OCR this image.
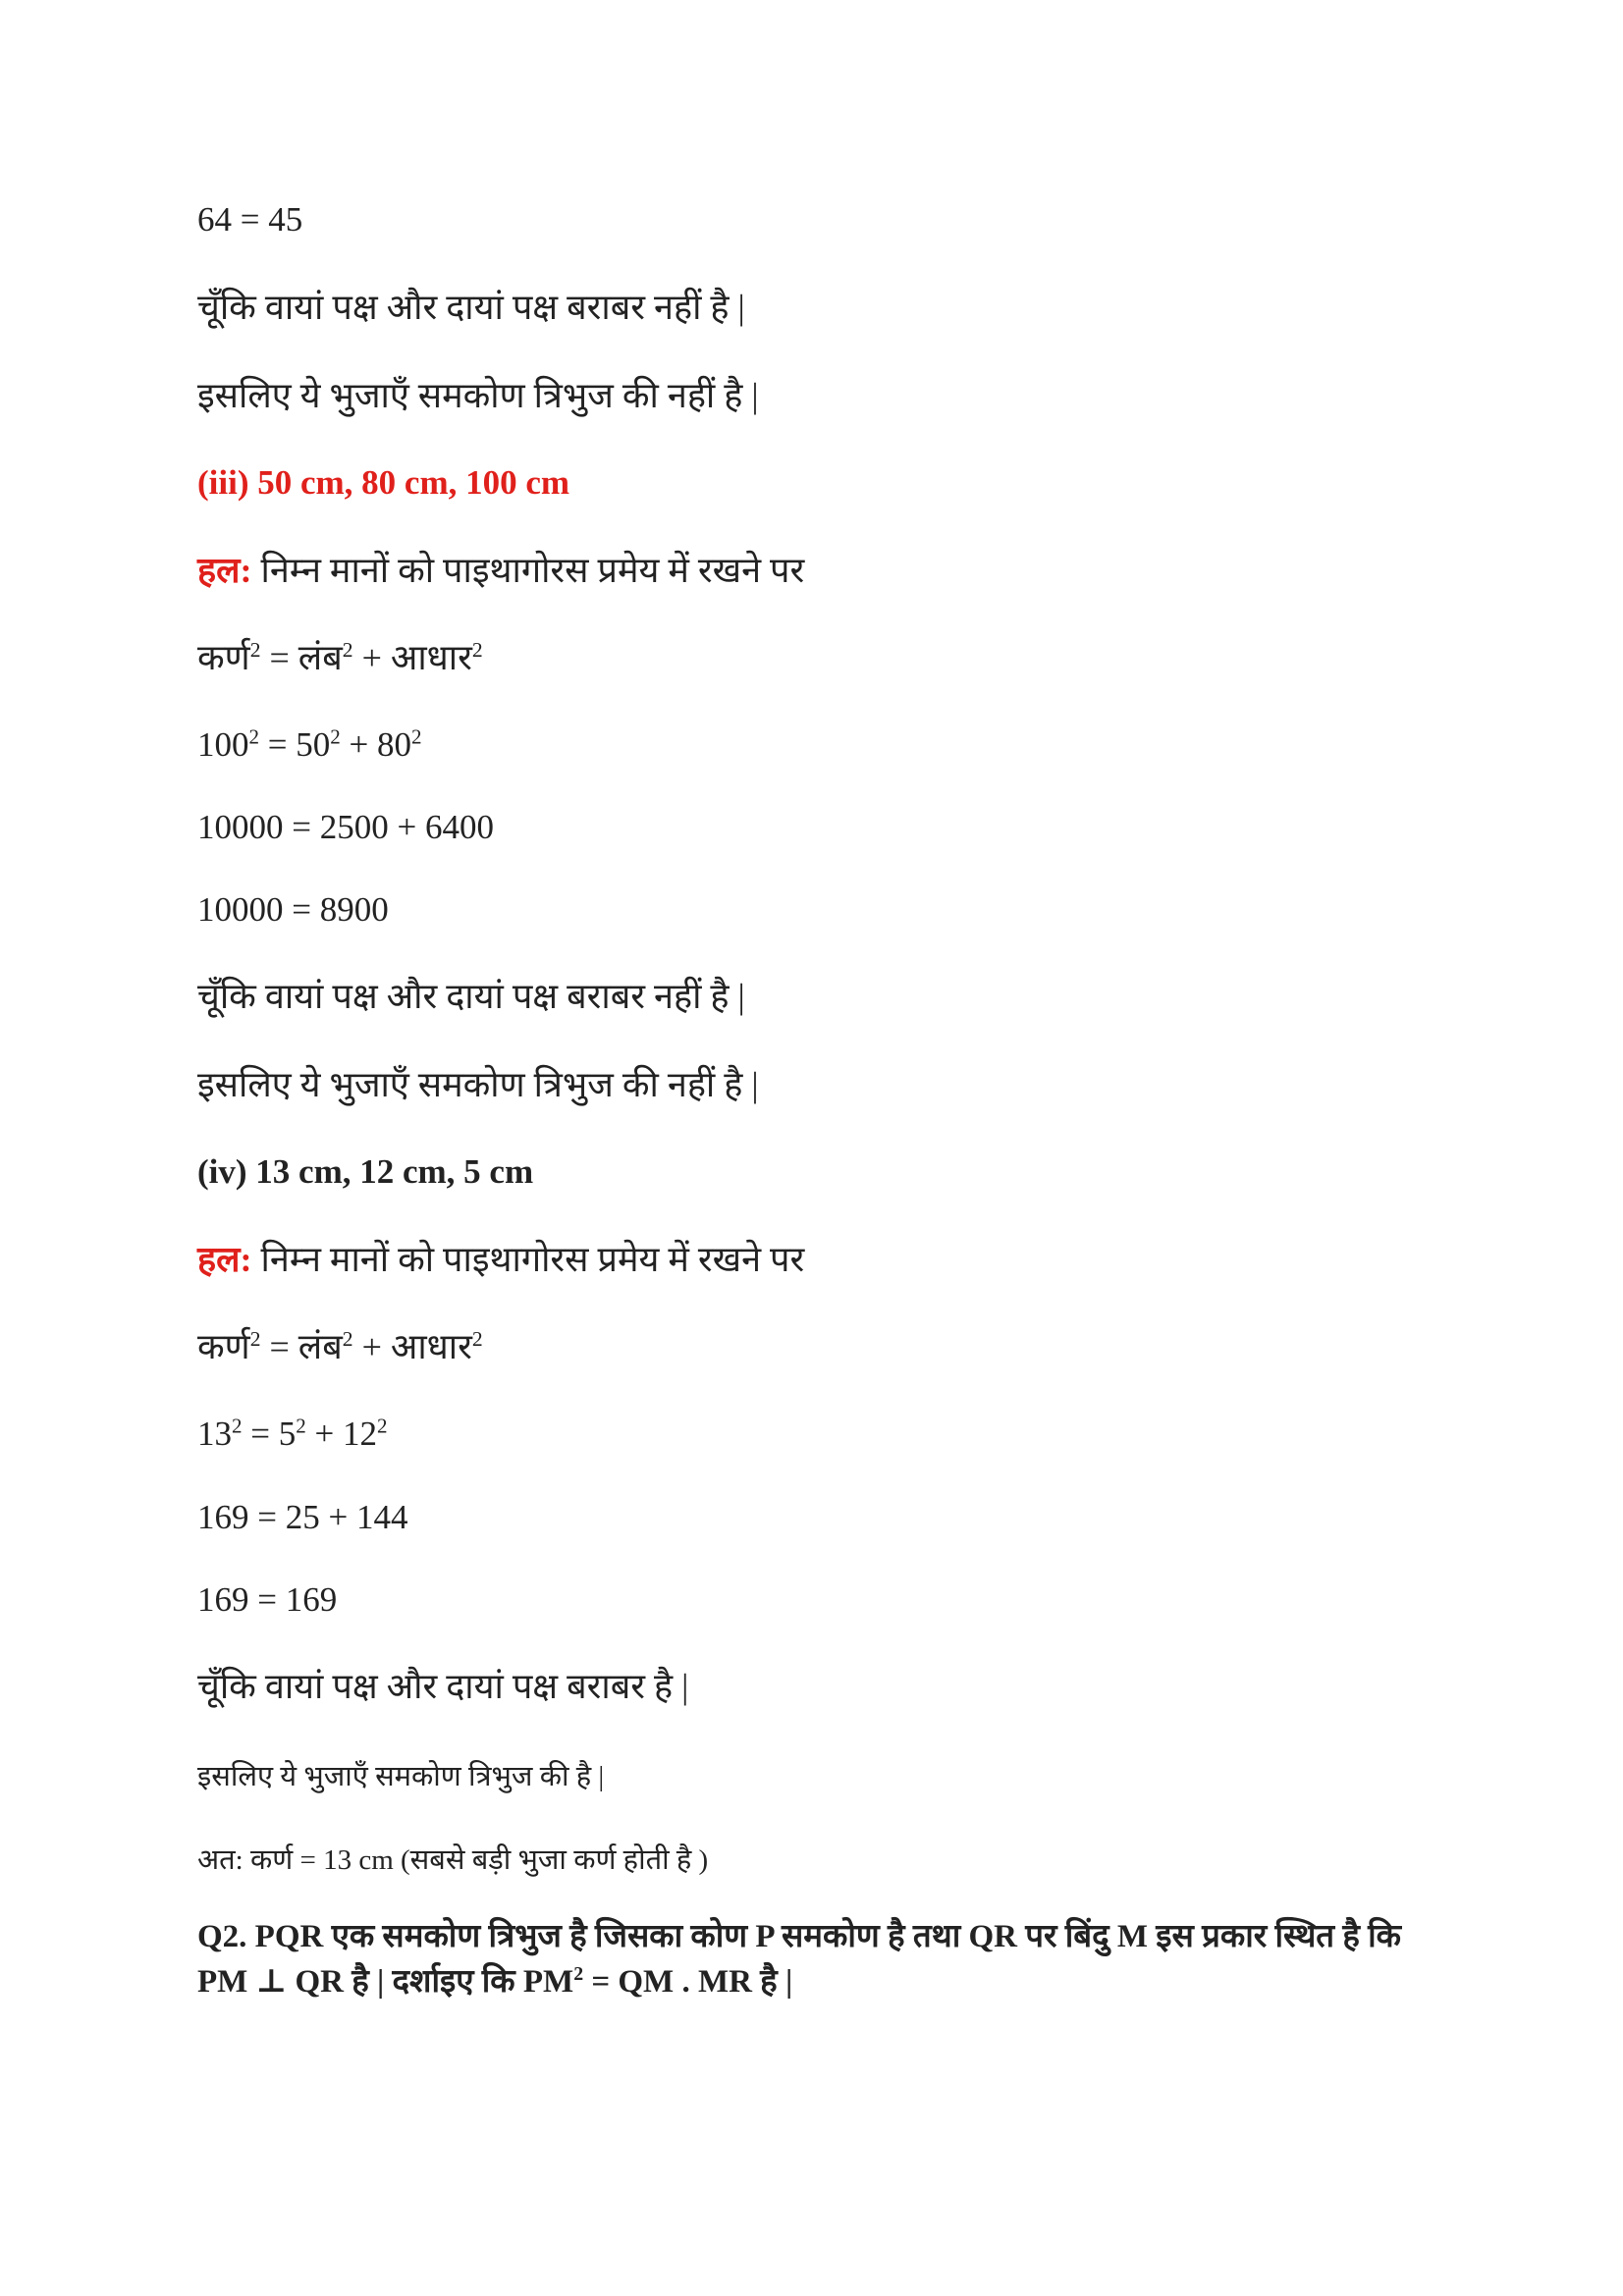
64 = 45
चूँकि वायां पक्ष और दायां पक्ष बराबर नहीं है |
इसलिए ये भुजाएँ समकोण त्रिभुज की नहीं है |
(iii) 50 cm, 80 cm, 100 cm
हल: निम्न मानों को पाइथागोरस प्रमेय में रखने पर
कर्ण$^2$ = लंब$^2$ + आधार$^2$
$100^2 = 50^2 + 80^2$
10000 = 2500 + 6400
10000 = 8900
चूँकि वायां पक्ष और दायां पक्ष बराबर नहीं है |
इसलिए ये भुजाएँ समकोण त्रिभुज की नहीं है |
(iv) 13 cm, 12 cm, 5 cm
हल: निम्न मानों को पाइथागोरस प्रमेय में रखने पर
कर्ण$^2$ = लंब$^2$ + आधार$^2$
$13^2 = 5^2 + 12^2$
169 = 25 + 144
169 = 169
चूँकि वायां पक्ष और दायां पक्ष बराबर है |
इसलिए ये भुजाएँ समकोण त्रिभुज की है |
अत: कर्ण = 13 cm (सबसे बड़ी भुजा कर्ण होती है )
Q2. PQR एक समकोण त्रिभुज है जिसका कोण P समकोण है तथा QR पर बिंदु M इस प्रकार स्थित है कि PM ⊥ QR है | दर्शाइए कि $PM^2$ = QM . MR है |
